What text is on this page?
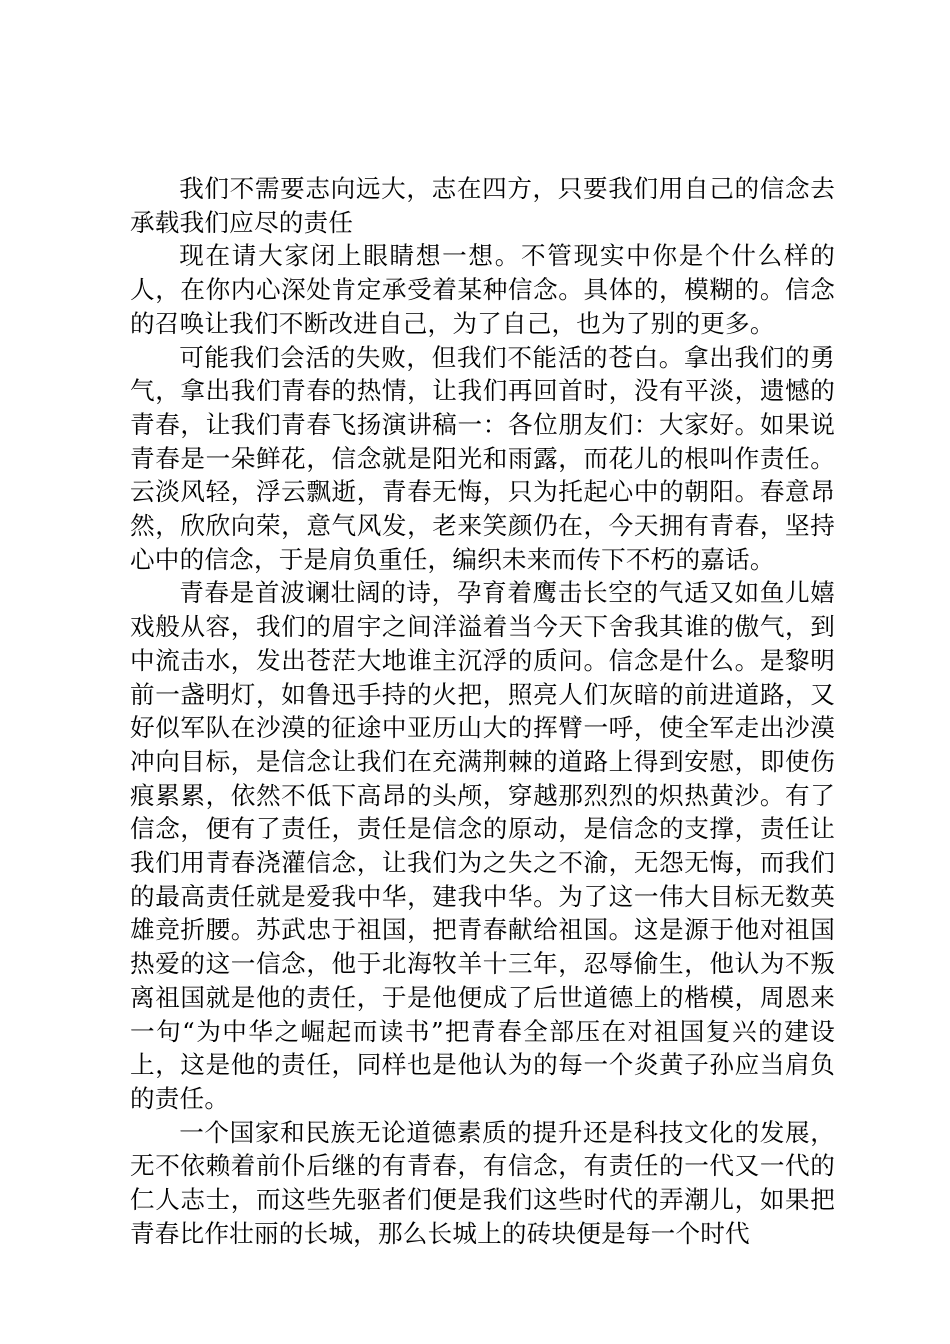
我们不需要志向远大，志在四方，只要我们用自己的信念去承载我们应尽的责任

现在请大家闭上眼睛想一想。不管现实中你是个什么样的人，在你内心深处肯定承受着某种信念。具体的，模糊的。信念的召唤让我们不断改进自己，为了自己，也为了别的更多。

可能我们会活的失败，但我们不能活的苍白。拿出我们的勇气，拿出我们青春的热情，让我们再回首时，没有平淡，遗憾的青春，让我们青春飞扬演讲稿一：各位朋友们：大家好。如果说青春是一朵鲜花，信念就是阳光和雨露，而花儿的根叫作责任。云淡风轻，浮云飘逝，青春无悔，只为托起心中的朝阳。春意昂然，欣欣向荣，意气风发，老来笑颜仍在，今天拥有青春，坚持心中的信念，于是肩负重任，编织未来而传下不朽的嘉话。

青春是首波谰壮阔的诗，孕育着鹰击长空的气适又如鱼儿嬉戏般从容，我们的眉宇之间洋溢着当今天下舍我其谁的傲气，到中流击水，发出苍茫大地谁主沉浮的质问。信念是什么。是黎明前一盏明灯，如鲁迅手持的火把，照亮人们灰暗的前进道路，又好似军队在沙漠的征途中亚历山大的挥臂一呼，使全军走出沙漠冲向目标，是信念让我们在充满荆棘的道路上得到安慰，即使伤痕累累，依然不低下高昂的头颅，穿越那烈烈的炽热黄沙。有了信念，便有了责任，责任是信念的原动，是信念的支撑，责任让我们用青春浇灌信念，让我们为之失之不渝，无怨无悔，而我们的最高责任就是爱我中华，建我中华。为了这一伟大目标无数英雄竞折腰。苏武忠于祖国，把青春献给祖国。这是源于他对祖国热爱的这一信念，他于北海牧羊十三年，忍辱偷生，他认为不叛离祖国就是他的责任，于是他便成了后世道德上的楷模，周恩来一句“为中华之崛起而读书”把青春全部压在对祖国复兴的建设上，这是他的责任，同样也是他认为的每一个炎黄子孙应当肩负的责任。

一个国家和民族无论道德素质的提升还是科技文化的发展，无不依赖着前仆后继的有青春，有信念，有责任的一代又一代的仁人志士，而这些先驱者们便是我们这些时代的弄潮儿，如果把青春比作壮丽的长城，那么长城上的砖块便是每一个时代
